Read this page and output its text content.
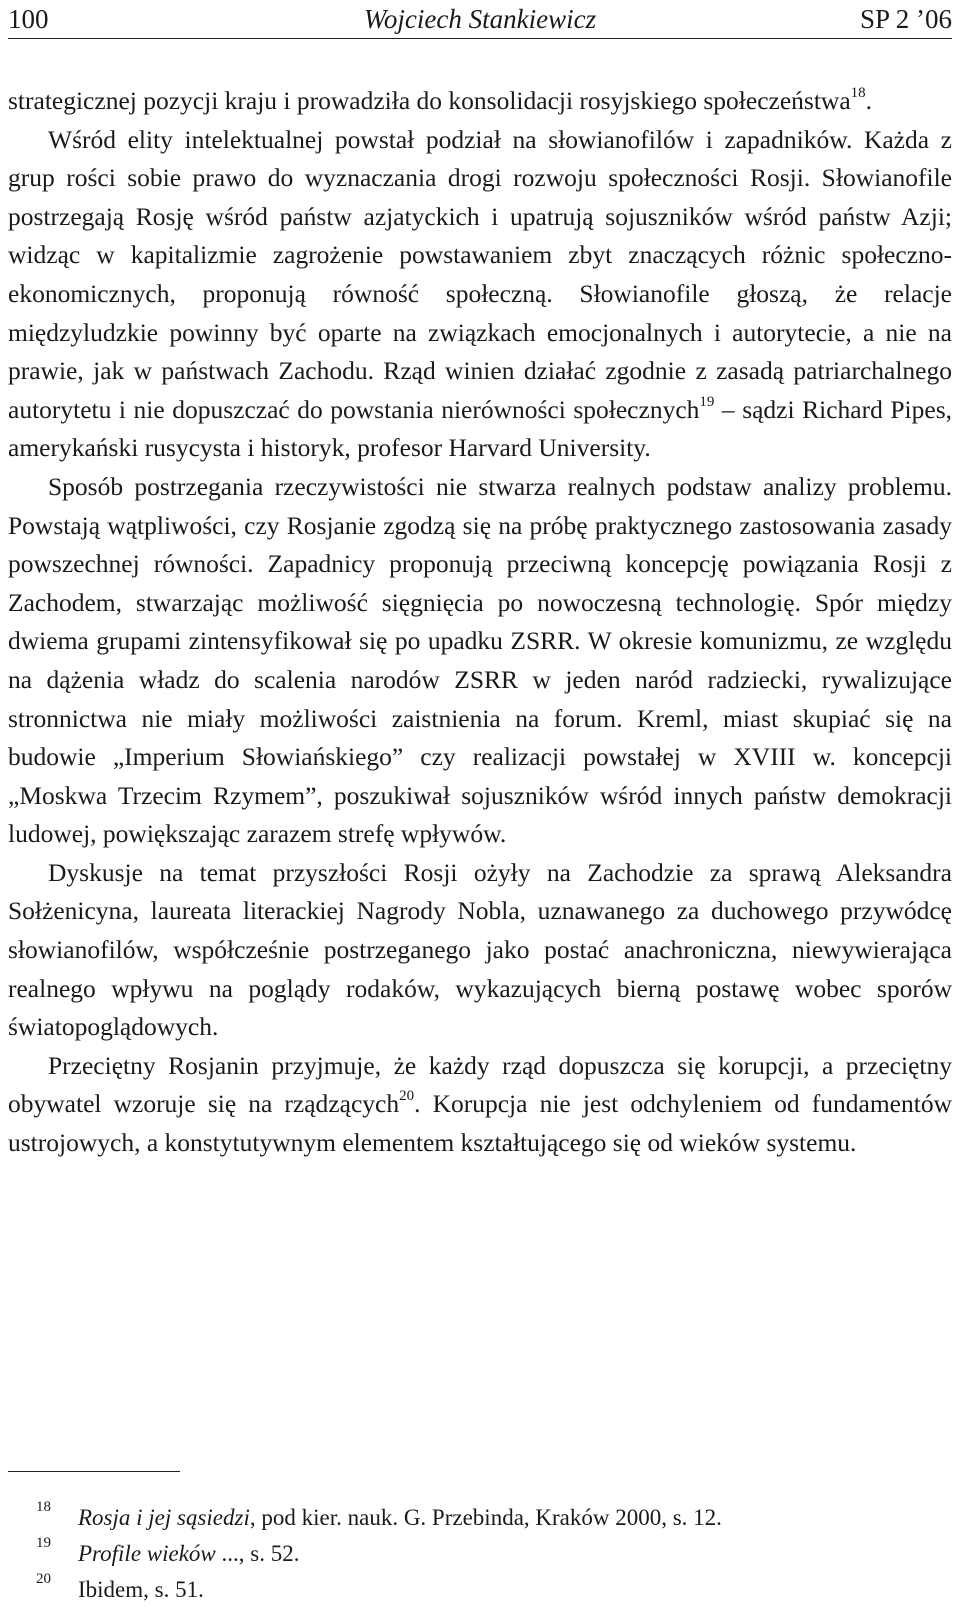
100	Wojciech Stankiewicz	SP 2 ’06

strategicznej pozycji kraju i prowadziła do konsolidacji rosyjskiego społeczeństwa$^{18}$.

Wśród elity intelektualnej powstał podział na słowianofilów i zapadników. Każda z grup rości sobie prawo do wyznaczania drogi rozwoju społeczności Rosji. Słowianofile postrzegają Rosję wśród państw azjatyckich i upatrują sojuszników wśród państw Azji; widząc w kapitalizmie zagrożenie powstawaniem zbyt znaczących różnic społeczno-ekonomicznych, proponują równość społeczną. Słowianofile głoszą, że relacje międzyludzkie powinny być oparte na związkach emocjonalnych i autorytecie, a nie na prawie, jak w państwach Zachodu. Rząd winien działać zgodnie z zasadą patriarchalnego autorytetu i nie dopuszczać do powstania nierówności społecznych$^{19}$ – sądzi Richard Pipes, amerykański rusycysta i historyk, profesor Harvard University.

Sposób postrzegania rzeczywistości nie stwarza realnych podstaw analizy problemu. Powstają wątpliwości, czy Rosjanie zgodzą się na próbę praktycznego zastosowania zasady powszechnej równości. Zapadnicy proponują przeciwną koncepcję powiązania Rosji z Zachodem, stwarzając możliwość sięgnięcia po nowoczesną technologię. Spór między dwiema grupami zintensyfikował się po upadku ZSRR. W okresie komunizmu, ze względu na dążenia władz do scalenia narodów ZSRR w jeden naród radziecki, rywalizujące stronnictwa nie miały możliwości zaistnienia na forum. Kreml, miast skupiać się na budowie „Imperium Słowiańskiego” czy realizacji powstałej w XVIII w. koncepcji „Moskwa Trzecim Rzymem”, poszukiwał sojuszników wśród innych państw demokracji ludowej, powiększając zarazem strefę wpływów.

Dyskusje na temat przyszłości Rosji ożyły na Zachodzie za sprawą Aleksandra Sołżenicyna, laureata literackiej Nagrody Nobla, uznawanego za duchowego przywódcę słowianofilów, współcześnie postrzeganego jako postać anachroniczna, niewywierająca realnego wpływu na poglądy rodaków, wykazujących bierną postawę wobec sporów światopoglądowych.

Przeciętny Rosjanin przyjmuje, że każdy rząd dopuszcza się korupcji, a przeciętny obywatel wzoruje się na rządzących$^{20}$. Korupcja nie jest odchyleniem od fundamentów ustrojowych, a konstytutywnym elementem kształtującego się od wieków systemu.

18	Rosja i jej sąsiedzi, pod kier. nauk. G. Przebinda, Kraków 2000, s. 12.
19	Profile wieków ..., s. 52.
20	Ibidem, s. 51.
